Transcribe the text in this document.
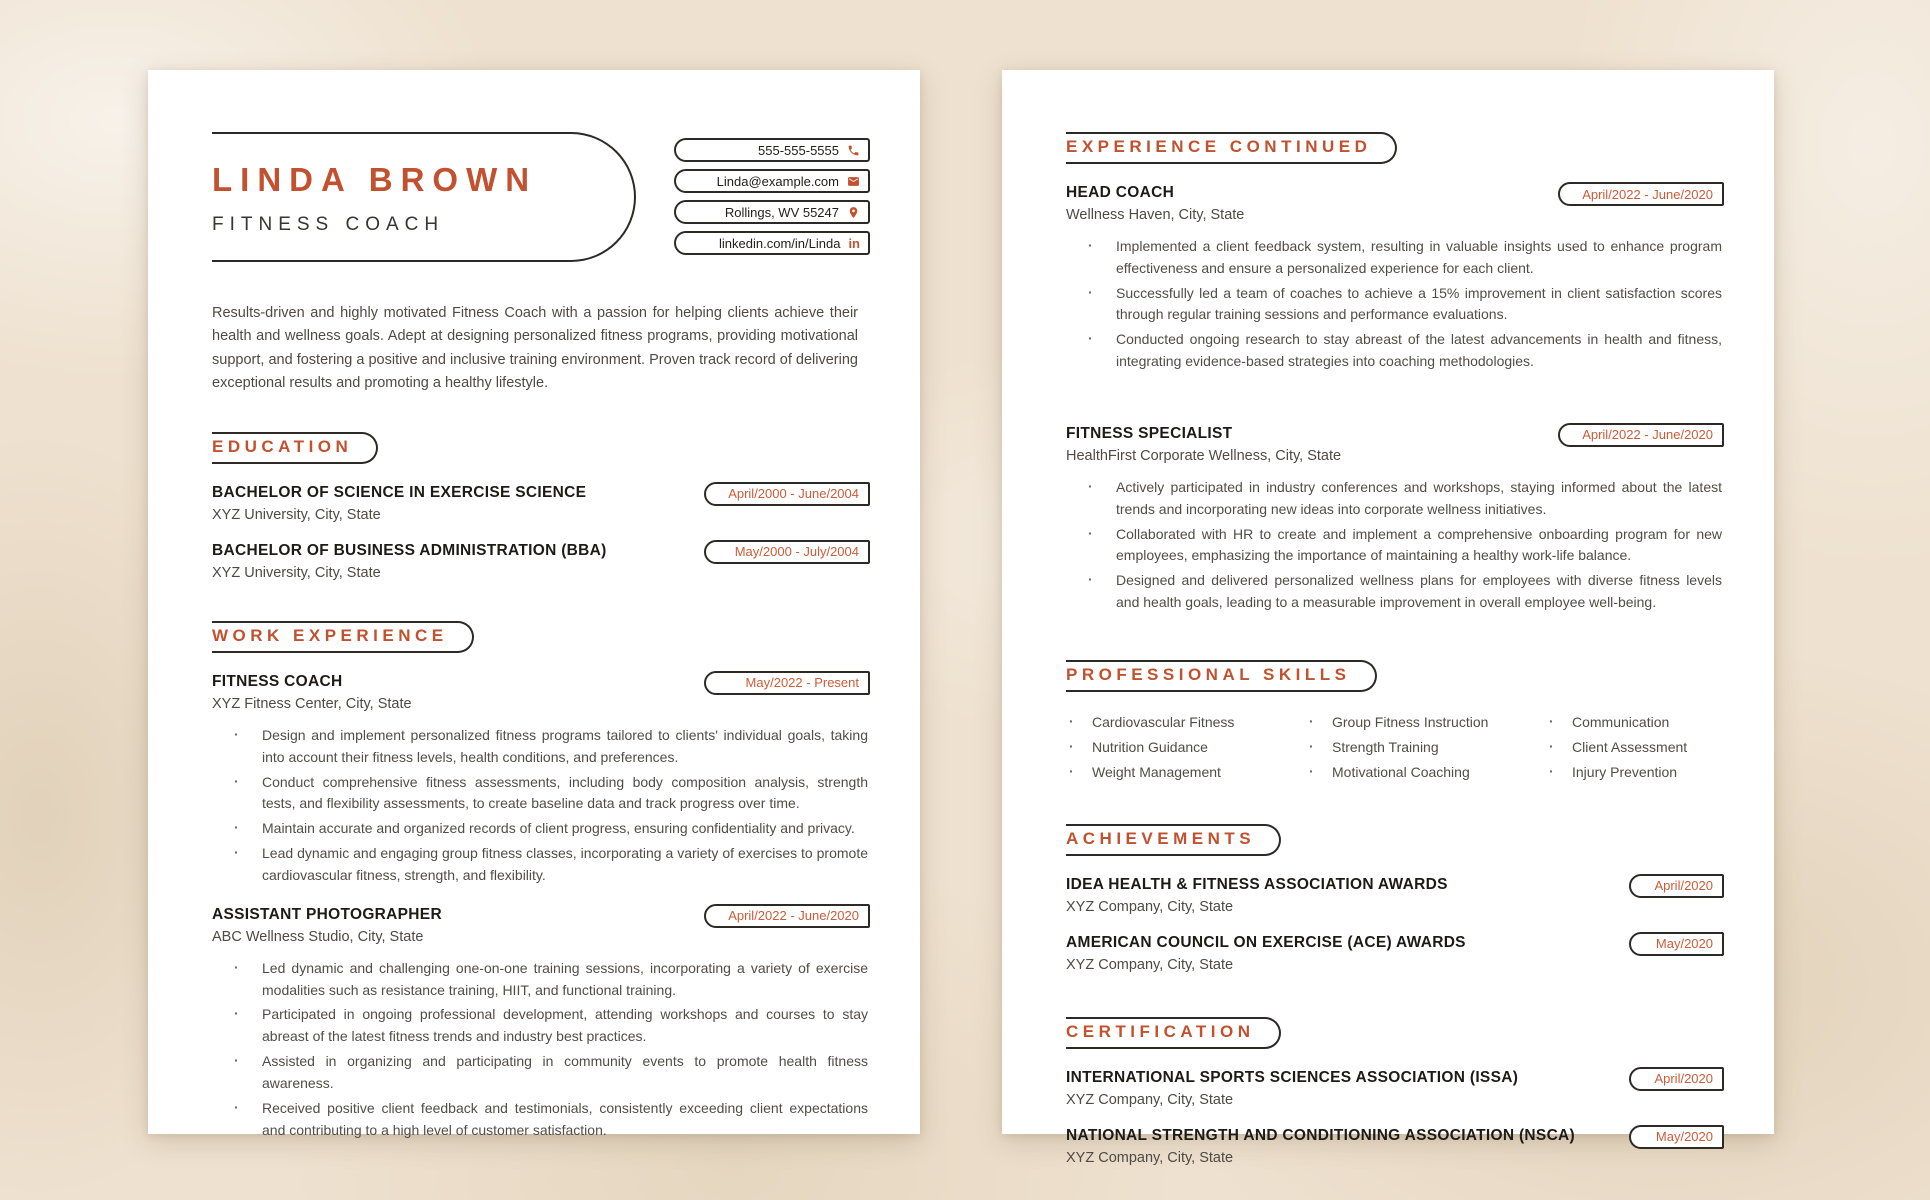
LINDA BROWN
FITNESS COACH
555-555-5555
Linda@example.com
Rollings, WV 55247
linkedin.com/in/Linda in

Results-driven and highly motivated Fitness Coach with a passion for helping clients achieve their health and wellness goals. Adept at designing personalized fitness programs, providing motivational support, and fostering a positive and inclusive training environment. Proven track record of delivering exceptional results and promoting a healthy lifestyle.

EDUCATION
BACHELOR OF SCIENCE IN EXERCISE SCIENCE
XYZ University, City, State
April/2000 - June/2004
BACHELOR OF BUSINESS ADMINISTRATION (BBA)
XYZ University, City, State
May/2000 - July/2004
WORK EXPERIENCE
FITNESS COACH
XYZ Fitness Center, City, State
May/2022 - Present
· Design and implement personalized fitness programs tailored to clients' individual goals, taking into account their fitness levels, health conditions, and preferences.
· Conduct comprehensive fitness assessments, including body composition analysis, strength tests, and flexibility assessments, to create baseline data and track progress over time.
· Maintain accurate and organized records of client progress, ensuring confidentiality and privacy.
· Lead dynamic and engaging group fitness classes, incorporating a variety of exercises to promote cardiovascular fitness, strength, and flexibility.
ASSISTANT PHOTOGRAPHER
ABC Wellness Studio, City, State
April/2022 - June/2020
· Led dynamic and challenging one-on-one training sessions, incorporating a variety of exercise modalities such as resistance training, HIIT, and functional training.
· Participated in ongoing professional development, attending workshops and courses to stay abreast of the latest fitness trends and industry best practices.
· Assisted in organizing and participating in community events to promote health fitness awareness.
· Received positive client feedback and testimonials, consistently exceeding client expectations and contributing to a high level of customer satisfaction.
EXPERIENCE CONTINUED
HEAD COACH
Wellness Haven, City, State
April/2022 - June/2020
· Implemented a client feedback system, resulting in valuable insights used to enhance program effectiveness and ensure a personalized experience for each client.
· Successfully led a team of coaches to achieve a 15% improvement in client satisfaction scores through regular training sessions and performance evaluations.
· Conducted ongoing research to stay abreast of the latest advancements in health and fitness, integrating evidence-based strategies into coaching methodologies.
FITNESS SPECIALIST
HealthFirst Corporate Wellness, City, State
April/2022 - June/2020
· Actively participated in industry conferences and workshops, staying informed about the latest trends and incorporating new ideas into corporate wellness initiatives.
· Collaborated with HR to create and implement a comprehensive onboarding program for new employees, emphasizing the importance of maintaining a healthy work-life balance.
· Designed and delivered personalized wellness plans for employees with diverse fitness levels and health goals, leading to a measurable improvement in overall employee well-being.
PROFESSIONAL SKILLS
· Cardiovascular Fitness
· Nutrition Guidance
· Weight Management
· Group Fitness Instruction
· Strength Training
· Motivational Coaching
· Communication
· Client Assessment
· Injury Prevention
ACHIEVEMENTS
IDEA HEALTH & FITNESS ASSOCIATION AWARDS
XYZ Company, City, State
April/2020
AMERICAN COUNCIL ON EXERCISE (ACE) AWARDS
XYZ Company, City, State
May/2020
CERTIFICATION
INTERNATIONAL SPORTS SCIENCES ASSOCIATION (ISSA)
XYZ Company, City, State
April/2020
NATIONAL STRENGTH AND CONDITIONING ASSOCIATION (NSCA)
XYZ Company, City, State
May/2020
